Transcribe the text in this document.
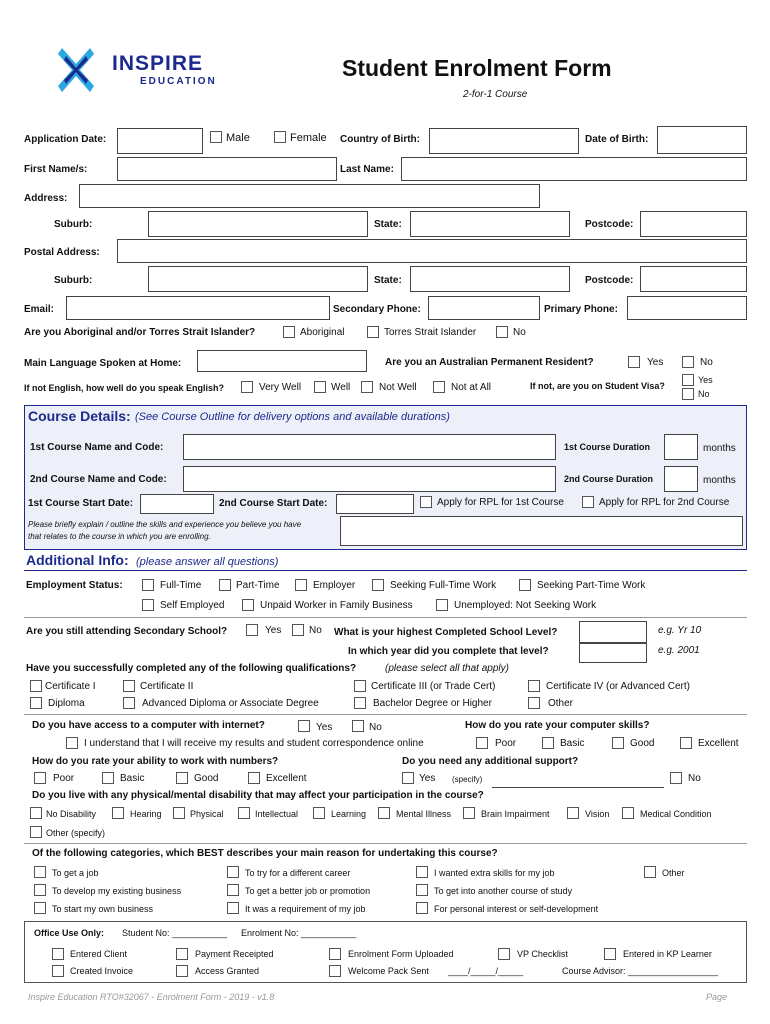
INSPIRE
EDUCATION
Student Enrolment Form
2-for-1 Course
Application Date:	Male	Female Country of Birth:	Date of Birth:
First Name/s:	Last Name:
Address:
Suburb:	State:	Postcode:
Postal Address:
Suburb:	State:	Postcode:
Email:	Secondary Phone:	Primary Phone:
Are you Aboriginal and/or Torres Strait Islander?	Aboriginal	Torres Strait Islander	No
Main Language Spoken at Home:	Are you an Australian Permanent Resident?	Yes	No
If not English, how well do you speak English?	Very Well	Well	Not Well	Not at All	If not, are you on Student Visa?
Yes
No
Course Details: (See Course Outline for delivery options and available durations)
1st Course Name and Code:	1st Course Duration	months
2nd Course Name and Code:	2nd Course Duration	months
1st Course Start Date:	2nd Course Start Date:	Apply for RPL for 1st Course	Apply for RPL for 2nd Course
Please briefly explain / outline the skills and experience you believe you have
that relates to the course in which you are enrolling.
Additional Info: (please answer all questions)
Employment Status:	Full-Time	Part-Time	Employer	Seeking Full-Time Work	Seeking Part-Time Work
Self Employed	Unpaid Worker in Family Business	Unemployed: Not Seeking Work
Are you still attending Secondary School?	Yes	No What is your highest Completed School Level?	e.g. Yr 10
In which year did you complete that level?	e.g. 2001
Have you successfully completed any of the following qualifications?	(please select all that apply)
Certificate I	Certificate II	Certificate III (or Trade Cert)	Certificate IV (or Advanced Cert)
Diploma	Advanced Diploma or Associate Degree	Bachelor Degree or Higher	Other
Do you have access to a computer with internet?	Yes	No	How do you rate your computer skills?
I understand that I will receive my results and student correspondence online	Poor	Basic	Good	Excellent
How do you rate your ability to work with numbers?	Do you need any additional support?
Poor	Basic	Good	Excellent	Yes (specify)	No
Do you live with any physical/mental disability that may affect your participation in the course?
No Disability	Hearing	Physical	Intellectual	Learning	Mental Illness	Brain Impairment	Vision	Medical Condition
Other (specify)
Of the following categories, which BEST describes your main reason for undertaking this course?
To get a job	To try for a different career	I wanted extra skills for my job	Other
To develop my existing business	To get a better job or promotion	To get into another course of study
To start my own business	It was a requirement of my job	For personal interest or self-development
Office Use Only: Student No: ___________ Enrolment No: ___________
Entered Client	Payment Receipted	Enrolment Form Uploaded	VP Checklist	Entered in KP Learner
Created Invoice	Access Granted	Welcome Pack Sent ____/_____/_____	Course Advisor: __________________
Inspire Education RTO#32067 - Enrolment Form - 2019 - v1.8	Page
